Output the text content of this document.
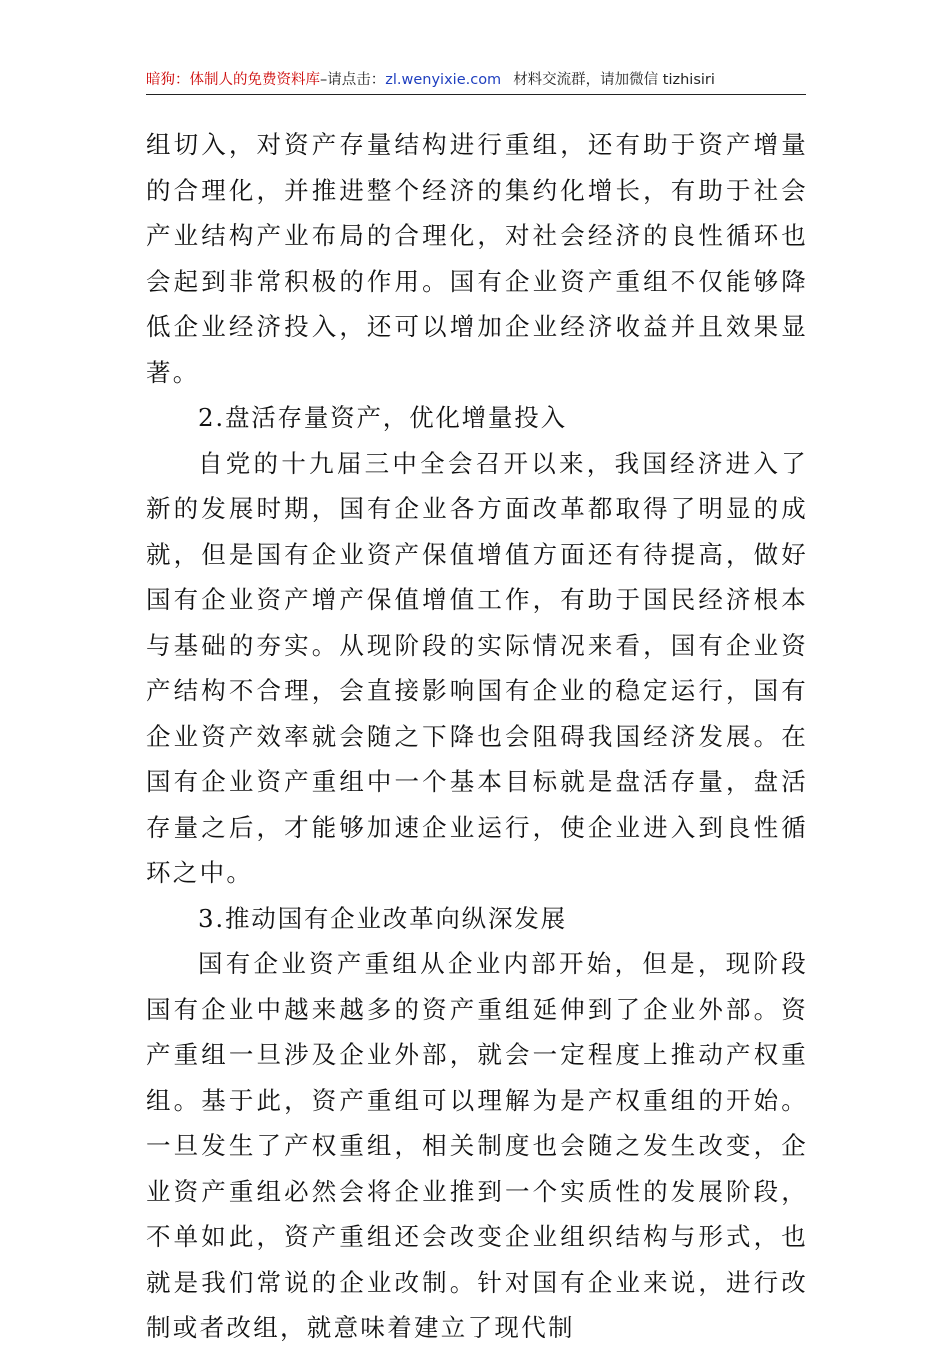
暗狗：体制人的免费资料库–请点击：zl.wenyixie.com 材料交流群，请加微信 tizhisiri

组切入，对资产存量结构进行重组，还有助于资产增量的合理化，并推进整个经济的集约化增长，有助于社会产业结构产业布局的合理化，对社会经济的良性循环也会起到非常积极的作用。国有企业资产重组不仅能够降低企业经济投入，还可以增加企业经济收益并且效果显著。

2.盘活存量资产，优化增量投入

自党的十九届三中全会召开以来，我国经济进入了新的发展时期，国有企业各方面改革都取得了明显的成就，但是国有企业资产保值增值方面还有待提高，做好国有企业资产增产保值增值工作，有助于国民经济根本与基础的夯实。从现阶段的实际情况来看，国有企业资产结构不合理，会直接影响国有企业的稳定运行，国有企业资产效率就会随之下降也会阻碍我国经济发展。在国有企业资产重组中一个基本目标就是盘活存量，盘活存量之后，才能够加速企业运行，使企业进入到良性循环之中。

3.推动国有企业改革向纵深发展

国有企业资产重组从企业内部开始，但是，现阶段国有企业中越来越多的资产重组延伸到了企业外部。资产重组一旦涉及企业外部，就会一定程度上推动产权重组。基于此，资产重组可以理解为是产权重组的开始。一旦发生了产权重组，相关制度也会随之发生改变，企业资产重组必然会将企业推到一个实质性的发展阶段，不单如此，资产重组还会改变企业组织结构与形式，也就是我们常说的企业改制。针对国有企业来说，进行改制或者改组，就意味着建立了现代制
